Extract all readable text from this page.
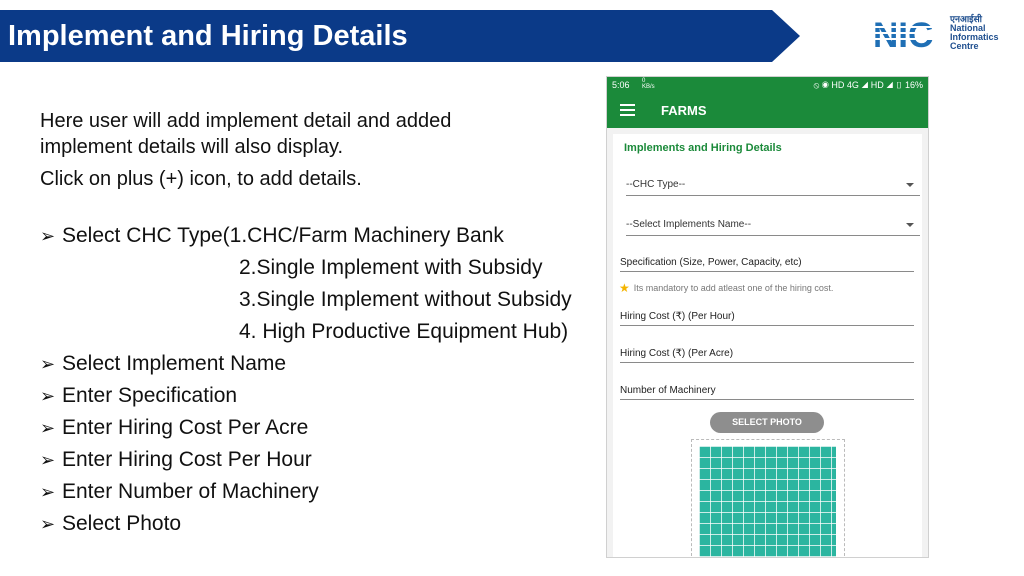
Implement and Hiring Details
एनआईसी
National
Informatics
Centre

Here user will add implement detail and added

implement details will also display.

Click on plus (+) icon, to add details.

➢ Select CHC Type(1.CHC/Farm Machinery Bank
2.Single Implement with Subsidy
3.Single Implement without Subsidy
4. High Productive Equipment Hub)
➢ Select Implement Name
➢ Enter Specification
➢ Enter Hiring Cost Per Acre
➢ Enter Hiring Cost Per Hour
➢ Enter Number of Machinery
➢ Select Photo
5:06 0
KB/s	⦸ ◉ HD 4G ◢ HD ◢ ▯ 16%
FARMS
Implements and Hiring Details
--CHC Type--
--Select Implements Name--
Specification (Size, Power, Capacity, etc)
★ Its mandatory to add atleast one of the hiring cost.
Hiring Cost (₹) (Per Hour)
Hiring Cost (₹) (Per Acre)
Number of Machinery
SELECT PHOTO
